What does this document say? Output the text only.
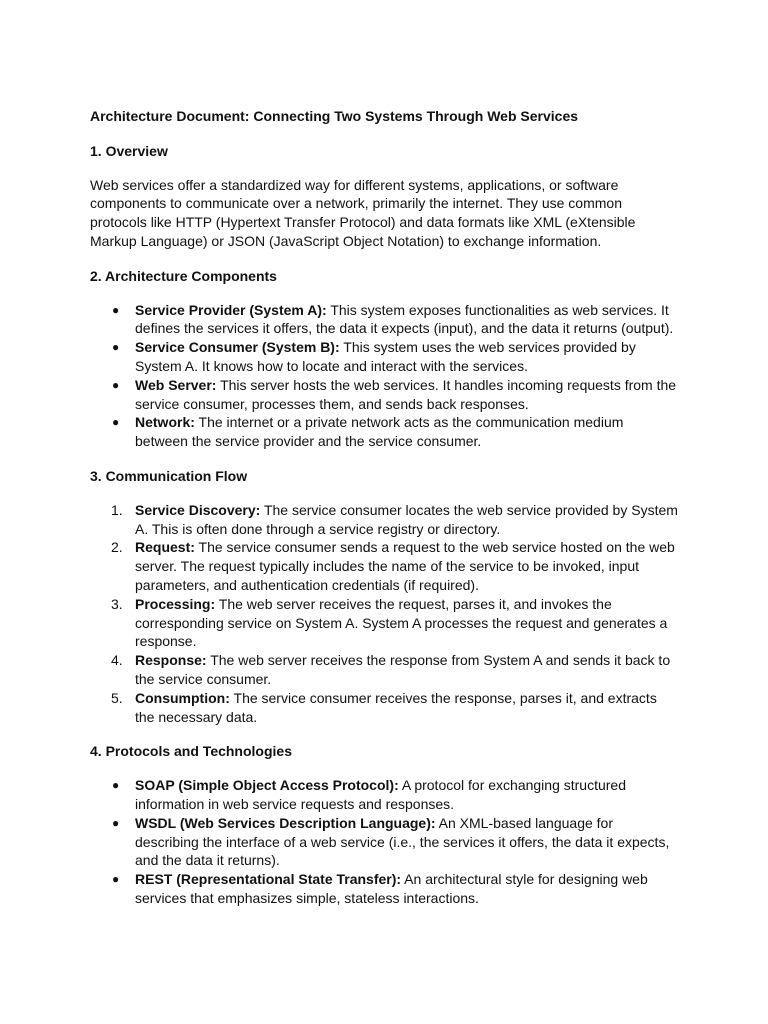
Architecture Document: Connecting Two Systems Through Web Services

1. Overview

Web services offer a standardized way for different systems, applications, or software components to communicate over a network, primarily the internet. They use common protocols like HTTP (Hypertext Transfer Protocol) and data formats like XML (eXtensible Markup Language) or JSON (JavaScript Object Notation) to exchange information.

2. Architecture Components

●	Service Provider (System A): This system exposes functionalities as web services. It defines the services it offers, the data it expects (input), and the data it returns (output).
●	Service Consumer (System B): This system uses the web services provided by System A. It knows how to locate and interact with the services.
●	Web Server: This server hosts the web services. It handles incoming requests from the service consumer, processes them, and sends back responses.
●	Network: The internet or a private network acts as the communication medium between the service provider and the service consumer.

3. Communication Flow

1. Service Discovery: The service consumer locates the web service provided by System A. This is often done through a service registry or directory.
2. Request: The service consumer sends a request to the web service hosted on the web server. The request typically includes the name of the service to be invoked, input parameters, and authentication credentials (if required).
3. Processing: The web server receives the request, parses it, and invokes the corresponding service on System A. System A processes the request and generates a response.
4. Response: The web server receives the response from System A and sends it back to the service consumer.
5. Consumption: The service consumer receives the response, parses it, and extracts the necessary data.

4. Protocols and Technologies

●	SOAP (Simple Object Access Protocol): A protocol for exchanging structured information in web service requests and responses.
●	WSDL (Web Services Description Language): An XML-based language for describing the interface of a web service (i.e., the services it offers, the data it expects, and the data it returns).
●	REST (Representational State Transfer): An architectural style for designing web services that emphasizes simple, stateless interactions.
